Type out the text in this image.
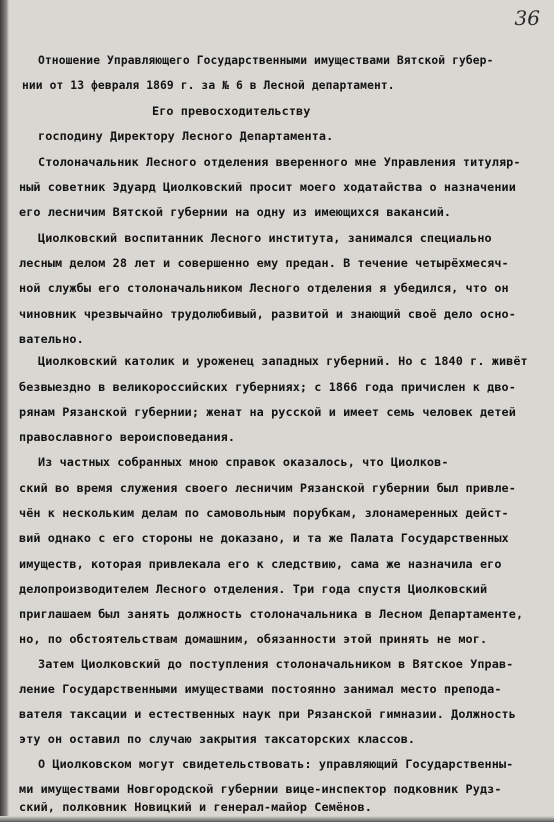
36
Отношение Управляющего Государственными имуществами Вятской губер-
нии от 13 февраля 1869 г. за № 6 в Лесной департамент.
Его превосходительству
господину Директору Лесного Департамента.
Столоначальник Лесного отделения вверенного мне Управления титуляр-
ный советник Эдуард Циолковский просит моего ходатайства о назначении
его лесничим Вятской губернии на одну из имеющихся вакансий.
Циолковский воспитанник Лесного института, занимался специально
лесным делом 28 лет и совершенно ему предан. В течение четырёхмесяч-
ной службы его столоначальником Лесного отделения я убедился, что он
чиновник чрезвычайно трудолюбивый, развитой и знающий своё дело осно-
вательно.
Циолковский католик и уроженец западных губерний. Но с 1840 г. живёт
безвыездно в великороссийских губерниях; с 1866 года причислен к дво-
рянам Рязанской губернии; женат на русской и имеет семь человек детей
православного вероисповедания.
Из частных собранных мною справок оказалось, что Циолков-
ский во время служения своего лесничим Рязанской губернии был привле-
чён к нескольким делам по самовольным порубкам, злонамеренных дейст-
вий однако с его стороны не доказано, и та же Палата Государственных
имуществ, которая привлекала его к следствию, сама же назначила его
делопроизводителем Лесного отделения. Три года спустя Циолковский
приглашаем был занять должность столоначальника в Лесном Департаменте,
но, по обстоятельствам домашним, обязанности этой принять не мог.
Затем Циолковский до поступления столоначальником в Вятское Управ-
ление Государственными имуществами постоянно занимал место препода-
вателя таксации и естественных наук при Рязанской гимназии. Должность
эту он оставил по случаю закрытия таксаторских классов.
О Циолковском могут свидетельствовать: управляющий Государственны-
ми имуществами Новгородской губернии вице-инспектор подковник Рудз-
ский, полковник Новицкий и генерал-майор Семёнов.
